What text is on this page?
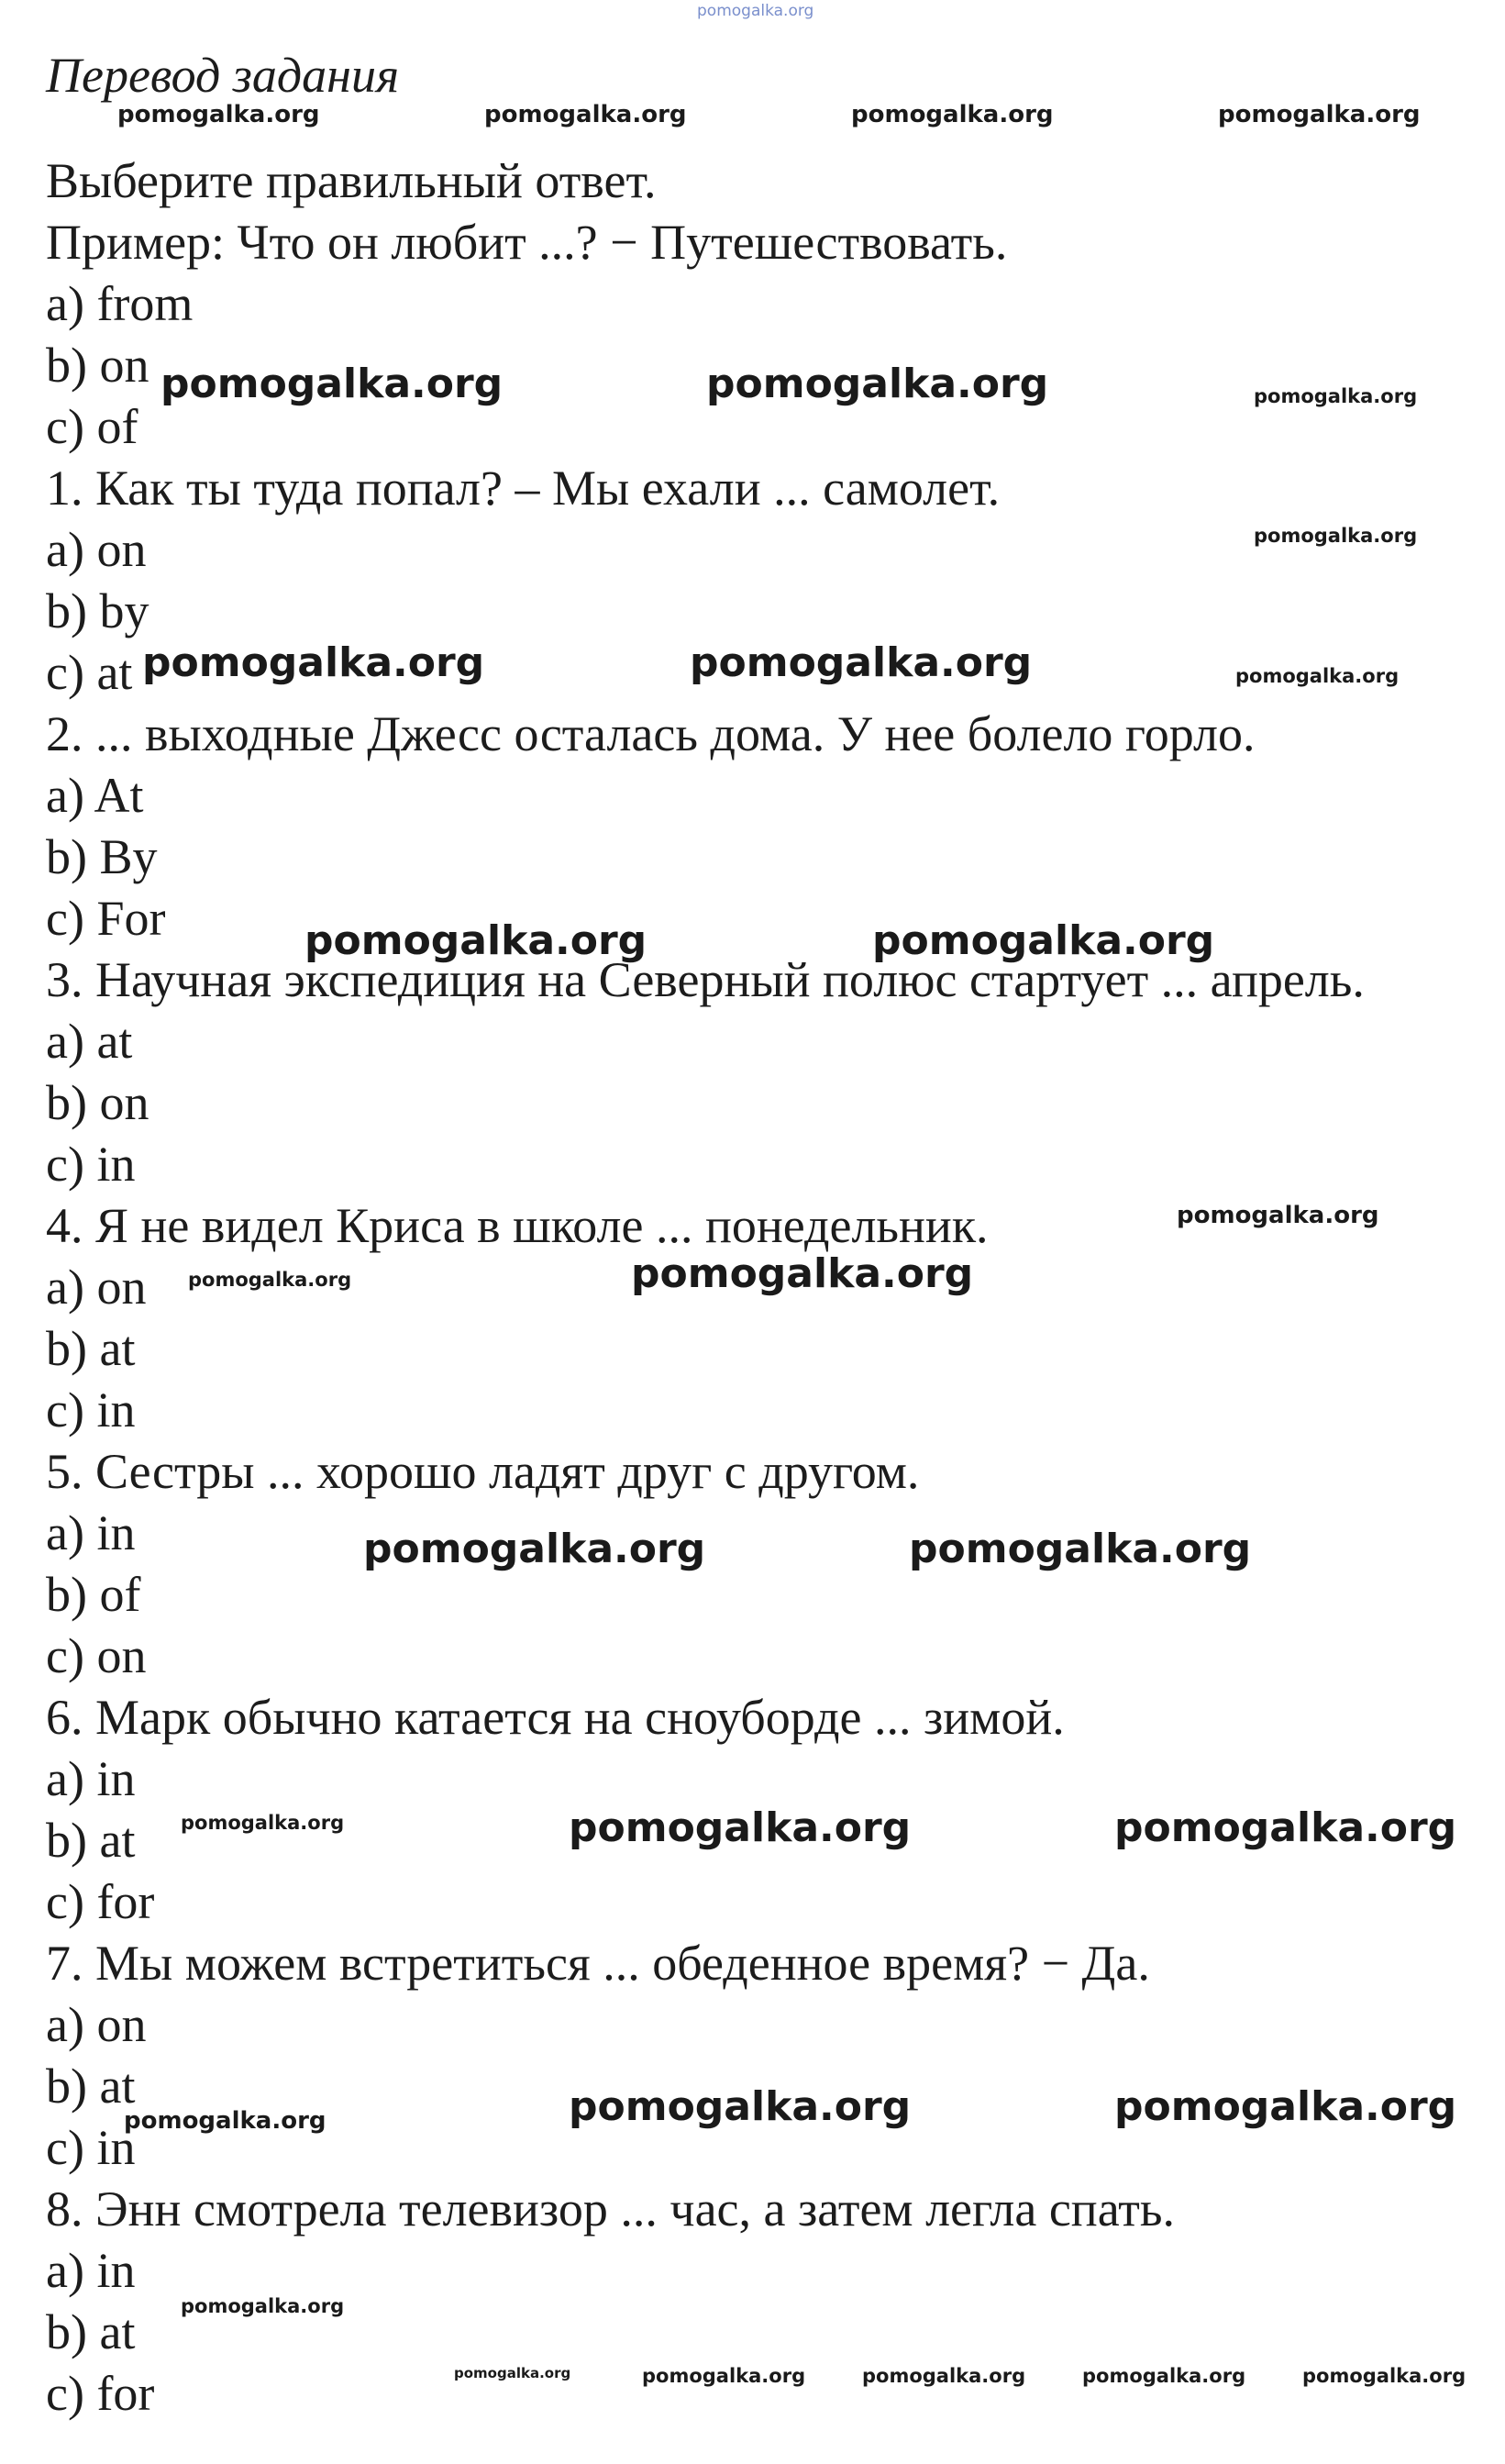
Перевод задания
Выберите правильный ответ.
Пример: Что он любит ...? − Путешествовать.
a) from
b) on
c) of
1. Как ты туда попал? – Мы ехали ... самолет.
a) on
b) by
c) at
2. ... выходные Джесс осталась дома. У нее болело горло.
a) At
b) By
c) For
3. Научная экспедиция на Северный полюс стартует ... апрель.
a) at
b) on
c) in
4. Я не видел Криса в школе ... понедельник.
a) on
b) at
c) in
5. Сестры ... хорошо ладят друг с другом.
a) in
b) of
c) on
6. Марк обычно катается на сноуборде ... зимой.
a) in
b) at
c) for
7. Мы можем встретиться ... обеденное время? − Да.
a) on
b) at
c) in
8. Энн смотрела телевизор ... час, а затем легла спать.
a) in
b) at
c) for
pomogalka.org
pomogalka.org	pomogalka.org	pomogalka.org	pomogalka.org
pomogalka.org	pomogalka.org	pomogalka.org
pomogalka.org
pomogalka.org	pomogalka.org	pomogalka.org
pomogalka.org	pomogalka.org
pomogalka.org
pomogalka.org	pomogalka.org
pomogalka.org	pomogalka.org
pomogalka.org	pomogalka.org	pomogalka.org
pomogalka.org	pomogalka.org	pomogalka.org
pomogalka.org
pomogalka.org	pomogalka.org	pomogalka.org	pomogalka.org	pomogalka.org
